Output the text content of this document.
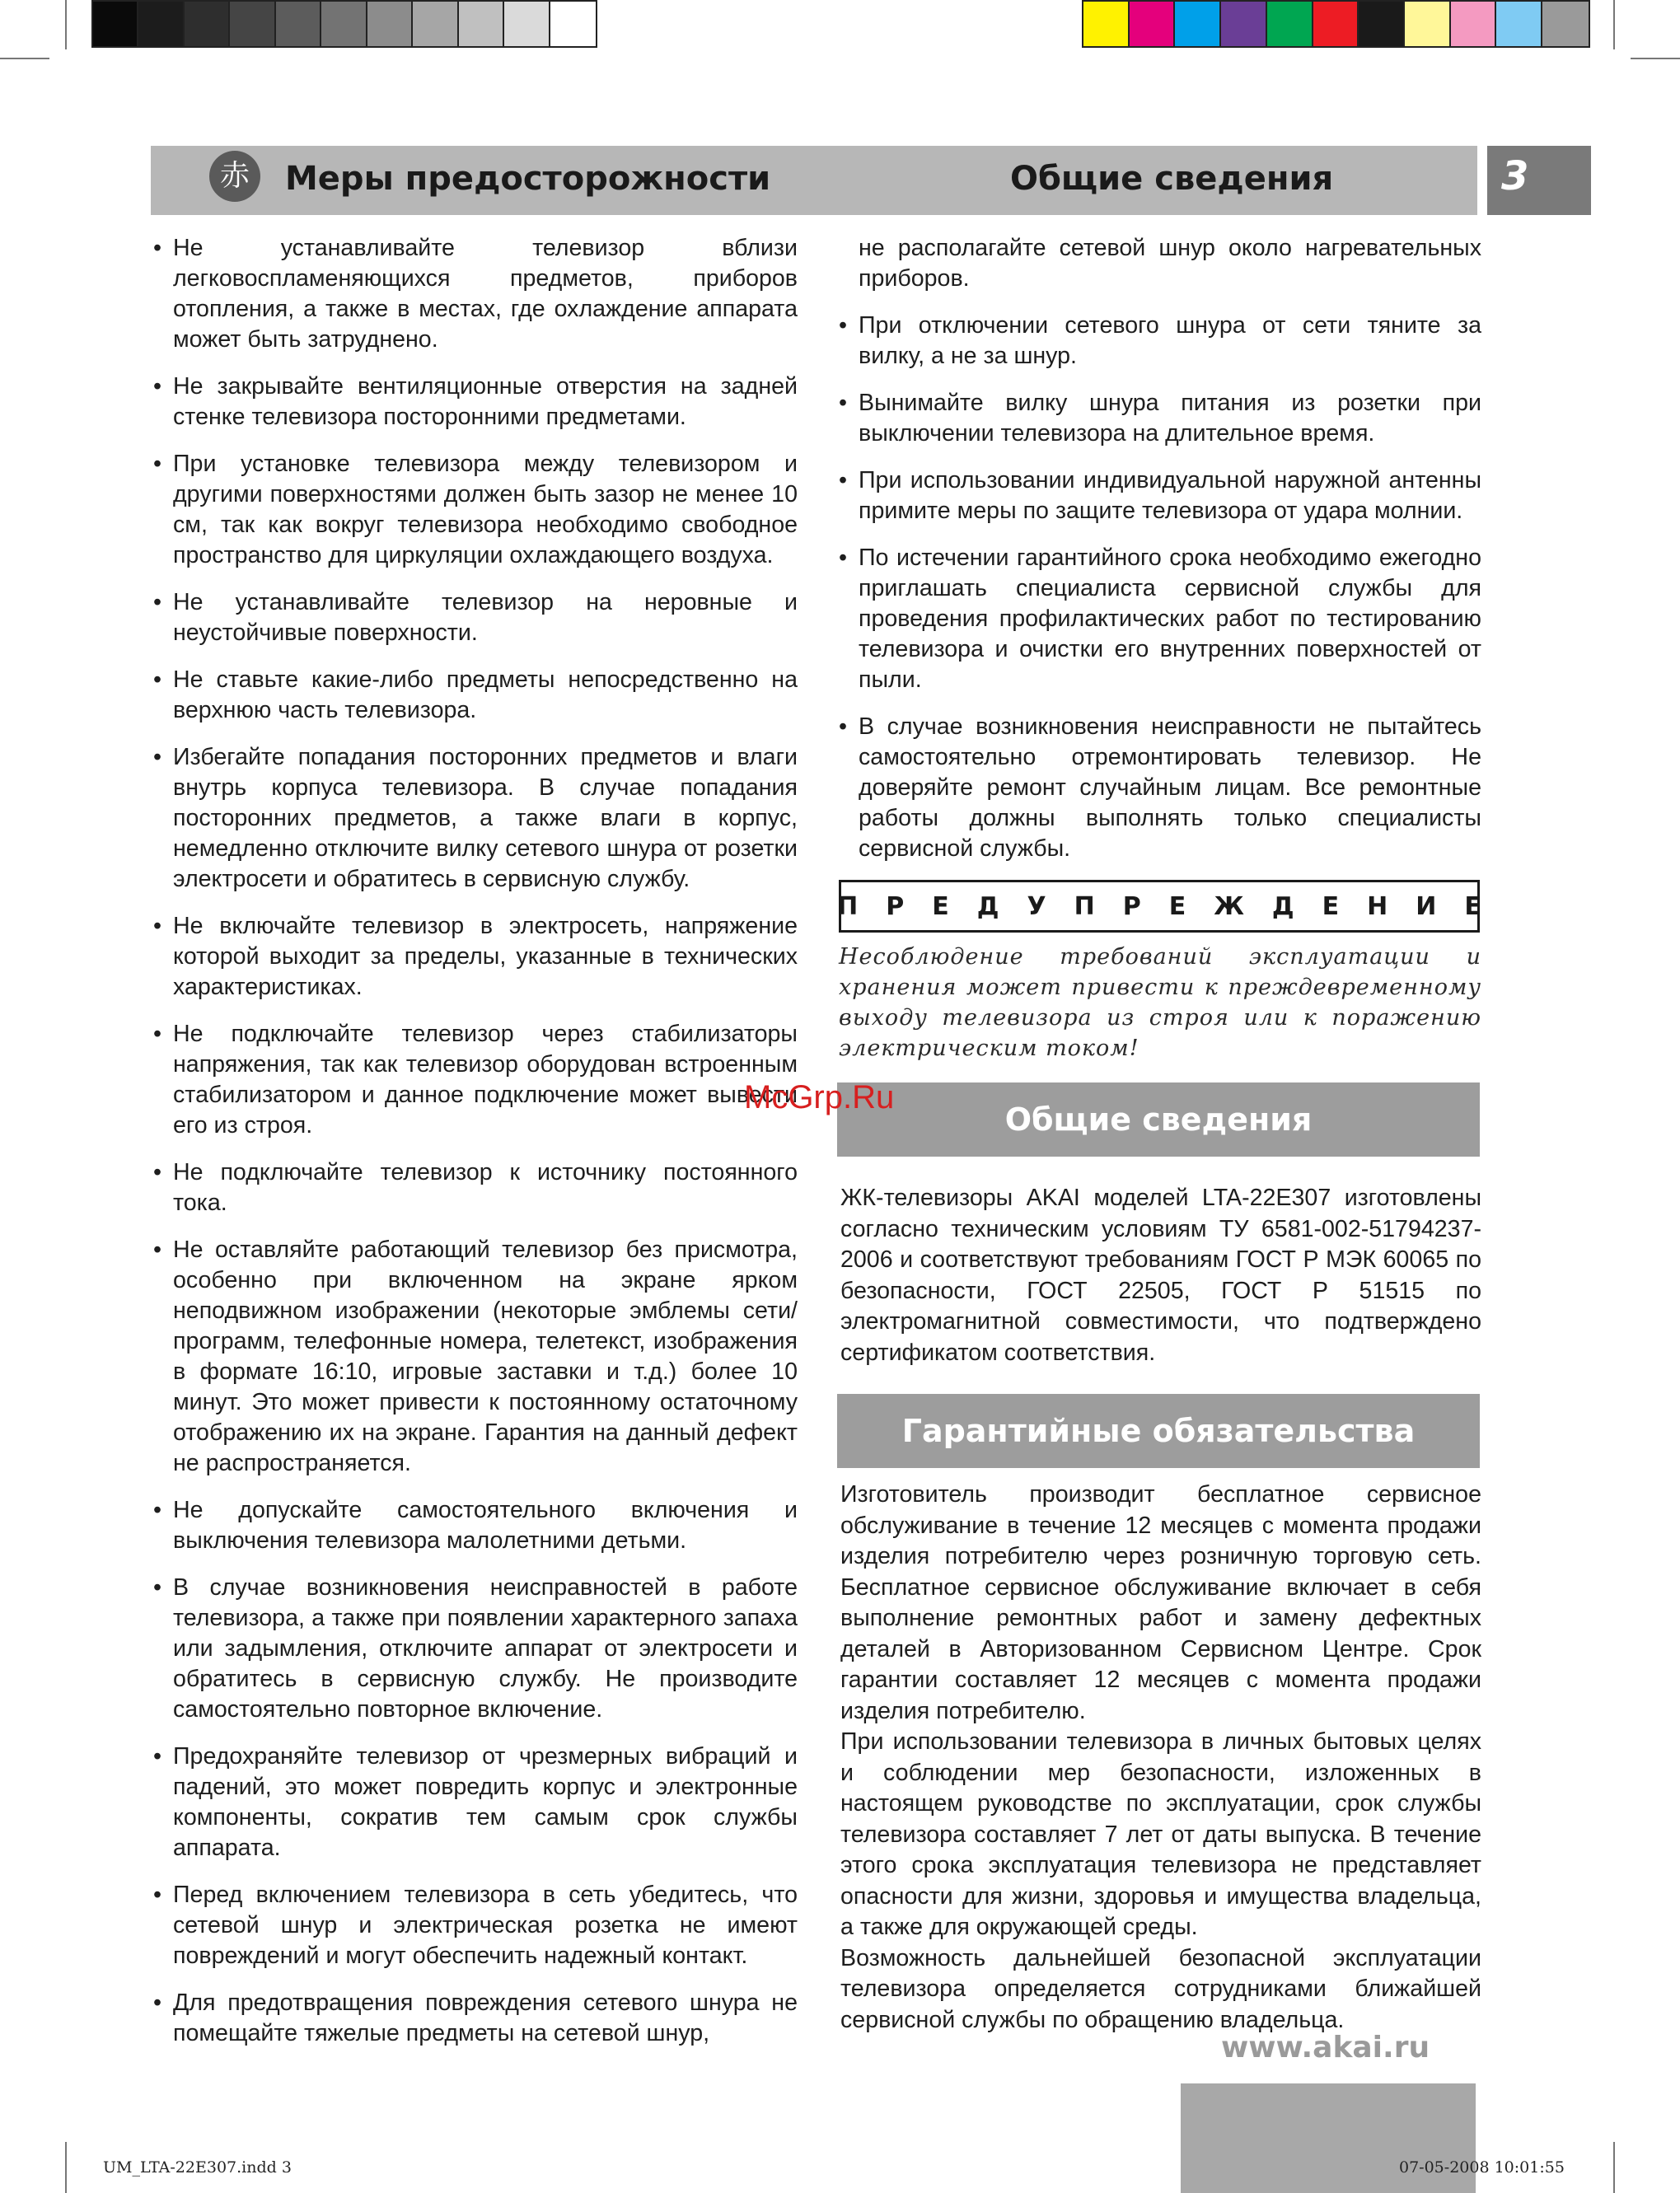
赤	Меры предосторожности	Общие сведения	3
• Не устанавливайте телевизор вблизи легковоспламеняющихся предметов, приборов отопления, а также в местах, где охлаждение аппарата может быть затруднено.
• Не закрывайте вентиляционные отверстия на задней стенке телевизора посторонними предметами.
• При установке телевизора между телевизором и другими поверхностями должен быть зазор не менее 10 см, так как вокруг телевизора необходимо свободное пространство для циркуляции охлаждающего воздуха.
• Не устанавливайте телевизор на неровные и неустойчивые поверхности.
• Не ставьте какие-либо предметы непосредственно на верхнюю часть телевизора.
• Избегайте попадания посторонних предметов и влаги внутрь корпуса телевизора. В случае попадания посторонних предметов, а также влаги в корпус, немедленно отключите вилку сетевого шнура от розетки электросети и обратитесь в сервисную службу.
• Не включайте телевизор в электросеть, напряжение которой выходит за пределы, указанные в технических характеристиках.
• Не подключайте телевизор через стабилизаторы напряжения, так как телевизор оборудован встроенным стабилизатором и данное подключение может вывести его из строя.
• Не подключайте телевизор к источнику постоянного тока.
• Не оставляйте работающий телевизор без присмотра, особенно при включенном на экране ярком неподвижном изображении (некоторые эмблемы сети/программ, телефонные номера, телетекст, изображения в формате 16:10, игровые заставки и т.д.) более 10 минут. Это может привести к постоянному остаточному отображению их на экране. Гарантия на данный дефект не распространяется.
• Не допускайте самостоятельного включения и выключения телевизора малолетними детьми.
• В случае возникновения неисправностей в работе телевизора, а также при появлении характерного запаха или задымления, отключите аппарат от электросети и обратитесь в сервисную службу. Не производите самостоятельно повторное включение.
• Предохраняйте телевизор от чрезмерных вибраций и падений, это может повредить корпус и электронные компоненты, сократив тем самым срок службы аппарата.
• Перед включением телевизора в сеть убедитесь, что сетевой шнур и электрическая розетка не имеют повреждений и могут обеспечить надежный контакт.
• Для предотвращения повреждения сетевого шнура не помещайте тяжелые предметы на сетевой шнур,
не располагайте сетевой шнур около нагревательных приборов.
• При отключении сетевого шнура от сети тяните за вилку, а не за шнур.
• Вынимайте вилку шнура питания из розетки при выключении телевизора на длительное время.
• При использовании индивидуальной наружной антенны примите меры по защите телевизора от удара молнии.
• По истечении гарантийного срока необходимо ежегодно приглашать специалиста сервисной службы для проведения профилактических работ по тестированию телевизора и очистки его внутренних поверхностей от пыли.
• В случае возникновения неисправности не пытайтесь самостоятельно отремонтировать телевизор. Не доверяйте ремонт случайным лицам. Все ремонтные работы должны выполнять только специалисты сервисной службы.
ПРЕДУПРЕЖДЕНИЕ
Несоблюдение требований эксплуатации и хранения может привести к преждевременному выходу телевизора из строя или к поражению электрическим током!
Общие сведения
McGrp.Ru
ЖК-телевизоры AKAI моделей LTA-22E307 изготовлены согласно техническим условиям ТУ 6581-002-51794237-2006 и соответствуют требованиям ГОСТ Р МЭК 60065 по безопасности, ГОСТ 22505, ГОСТ Р 51515 по электромагнитной совместимости, что подтверждено сертификатом соответствия.
Гарантийные обязательства
Изготовитель производит бесплатное сервисное обслуживание в течение 12 месяцев с момента продажи изделия потребителю через розничную торговую сеть. Бесплатное сервисное обслуживание включает в себя выполнение ремонтных работ и замену дефектных деталей в Авторизованном Сервисном Центре. Срок гарантии составляет 12 месяцев с момента продажи изделия потребителю.
При использовании телевизора в личных бытовых целях и соблюдении мер безопасности, изложенных в настоящем руководстве по эксплуатации, срок службы телевизора составляет 7 лет от даты выпуска. В течение этого срока эксплуатация телевизора не представляет опасности для жизни, здоровья и имущества владельца, а также для окружающей среды.
Возможность дальнейшей безопасной эксплуатации телевизора определяется сотрудниками ближайшей сервисной службы по обращению владельца.
www.akai.ru
UM_LTA-22E307.indd 3	07-05-2008 10:01:55
